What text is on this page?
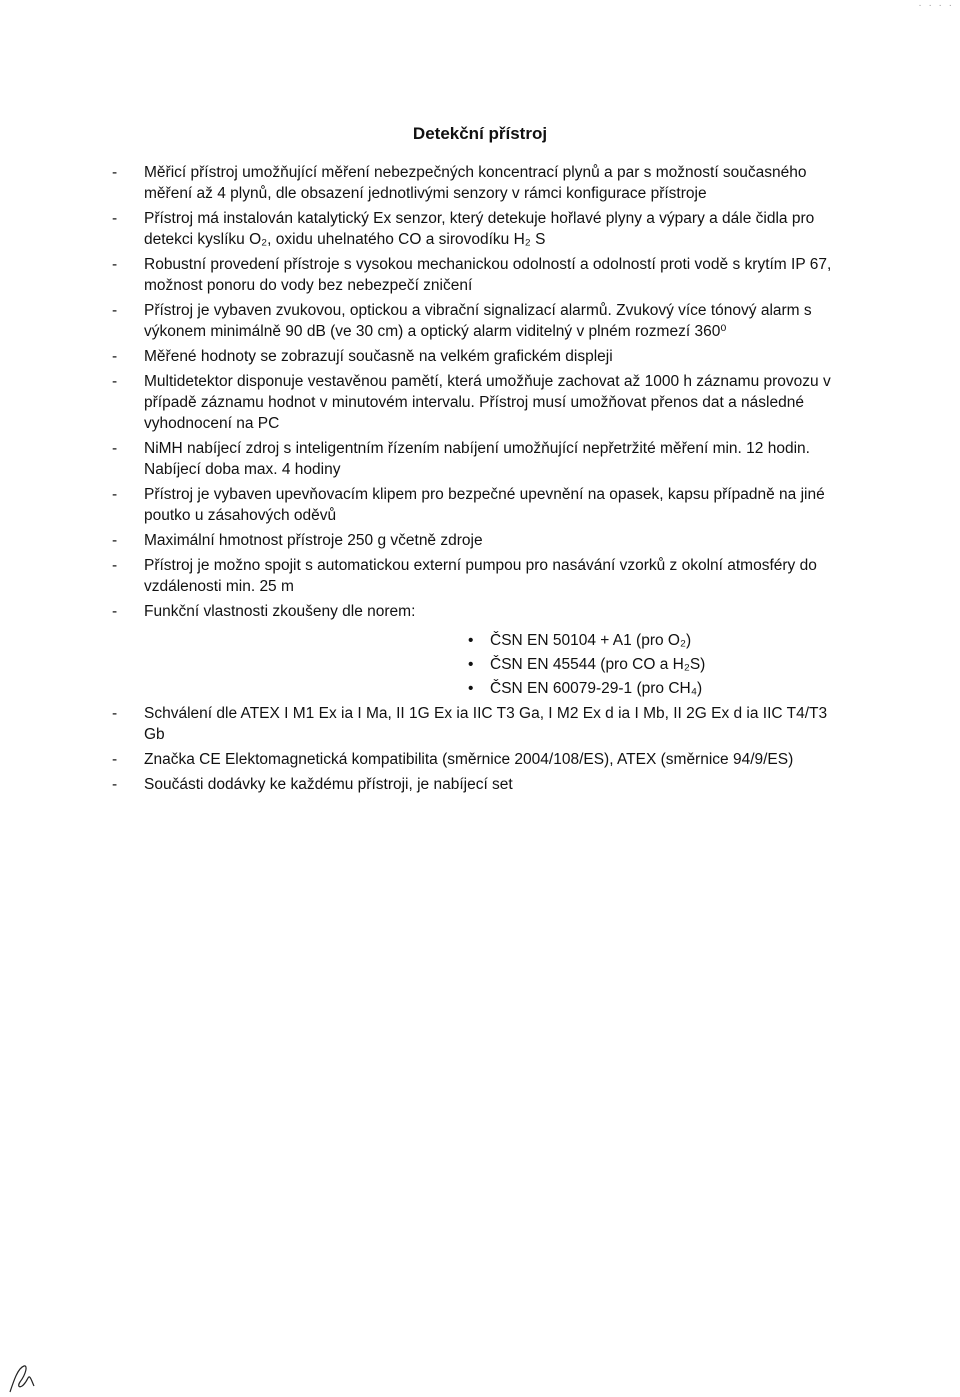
· · · ·
Detekční přístroj
- Měřicí přístroj umožňující měření nebezpečných koncentrací plynů a par s možností současného měření až 4 plynů, dle obsazení jednotlivými senzory v rámci konfigurace přístroje
- Přístroj má instalován katalytický Ex senzor, který detekuje hořlavé plyny a výpary a dále čidla pro detekci kyslíku O₂, oxidu uhelnatého CO a sirovodíku H₂ S
- Robustní provedení přístroje s vysokou mechanickou odolností a odolností proti vodě s krytím IP 67, možnost ponoru do vody bez nebezpečí zničení
- Přístroj je vybaven zvukovou, optickou a vibrační signalizací alarmů. Zvukový více tónový alarm s výkonem minimálně 90 dB (ve 30 cm) a optický alarm viditelný v plném rozmezí 360⁰
- Měřené hodnoty se zobrazují současně na velkém grafickém displeji
- Multidetektor disponuje vestavěnou pamětí, která umožňuje zachovat až 1000 h záznamu provozu v případě záznamu hodnot v minutovém intervalu. Přístroj musí umožňovat přenos dat a následné vyhodnocení na PC
- NiMH nabíjecí zdroj s inteligentním řízením nabíjení umožňující nepřetržité měření min. 12 hodin. Nabíjecí doba max. 4 hodiny
- Přístroj je vybaven upevňovacím klipem pro bezpečné upevnění na opasek, kapsu případně na jiné poutko u zásahových oděvů
- Maximální hmotnost přístroje 250 g včetně zdroje
- Přístroj je možno spojit s automatickou externí pumpou pro nasávání vzorků z okolní atmosféry do vzdálenosti min. 25 m
- Funkční vlastnosti zkoušeny dle norem:
• ČSN EN 50104 + A1 (pro O₂)
• ČSN EN 45544 (pro CO a H₂S)
• ČSN EN 60079-29-1 (pro CH₄)
- Schválení dle ATEX I M1 Ex ia I Ma, II 1G Ex ia IIC T3 Ga, I M2 Ex d ia I Mb, II 2G Ex d ia IIC T4/T3 Gb
- Značka CE Elektomagnetická kompatibilita (směrnice 2004/108/ES), ATEX (směrnice 94/9/ES)
- Součásti dodávky ke každému přístroji, je nabíjecí set
